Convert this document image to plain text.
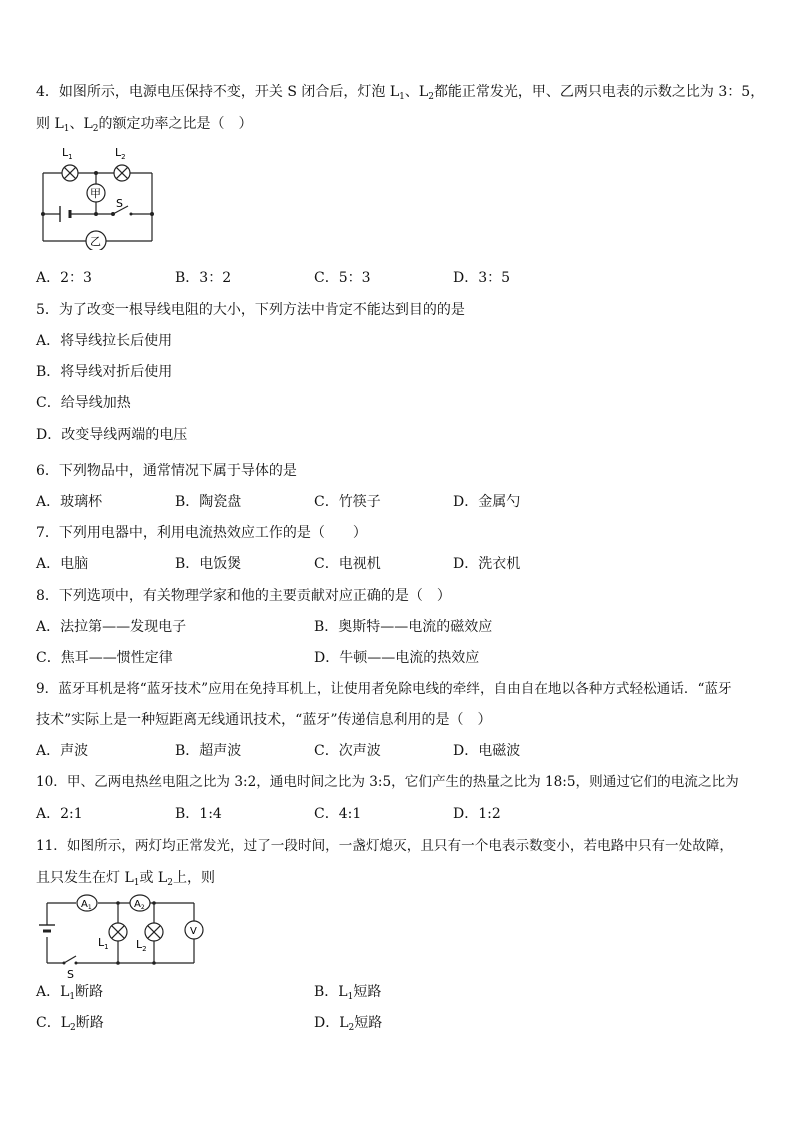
4．如图所示，电源电压保持不变，开关 S 闭合后，灯泡 $L_1$、$L_2$都能正常发光，甲、乙两只电表的示数之比为 3：5，
则 $L_1$、$L_2$的额定功率之比是（　）
$L_1$	$L_2$
甲
乙
S
A．2：3	B．3：2	C．5：3	D．3：5
5．为了改变一根导线电阻的大小，下列方法中肯定不能达到目的的是
A．将导线拉长后使用
B．将导线对折后使用
C．给导线加热
D．改变导线两端的电压
6．下列物品中，通常情况下属于导体的是
A．玻璃杯	B．陶瓷盘	C．竹筷子	D．金属勺
7．下列用电器中，利用电流热效应工作的是（　　）
A．电脑	B．电饭煲	C．电视机	D．洗衣机
8．下列选项中，有关物理学家和他的主要贡献对应正确的是（　）
A．法拉第——发现电子	B．奥斯特——电流的磁效应
C．焦耳——惯性定律	D．牛顿——电流的热效应
9．蓝牙耳机是将“蓝牙技术”应用在免持耳机上，让使用者免除电线的牵绊，自由自在地以各种方式轻松通话．“蓝牙
技术”实际上是一种短距离无线通讯技术，“蓝牙”传递信息利用的是（　）
A．声波	B．超声波	C．次声波	D．电磁波
10．甲、乙两电热丝电阻之比为 3:2，通电时间之比为 3:5，它们产生的热量之比为 18:5，则通过它们的电流之比为
A．2:1	B．1:4	C．4:1	D．1:2
11．如图所示，两灯均正常发光，过了一段时间，一盏灯熄灭，且只有一个电表示数变小，若电路中只有一处故障，
且只发生在灯 $L_1$或 $L_2$上，则
$A_1$	$A_2$
V
$L_1$ $L_2$
S
A．$L_1$断路	B．$L_1$短路
C．$L_2$断路	D．$L_2$短路
